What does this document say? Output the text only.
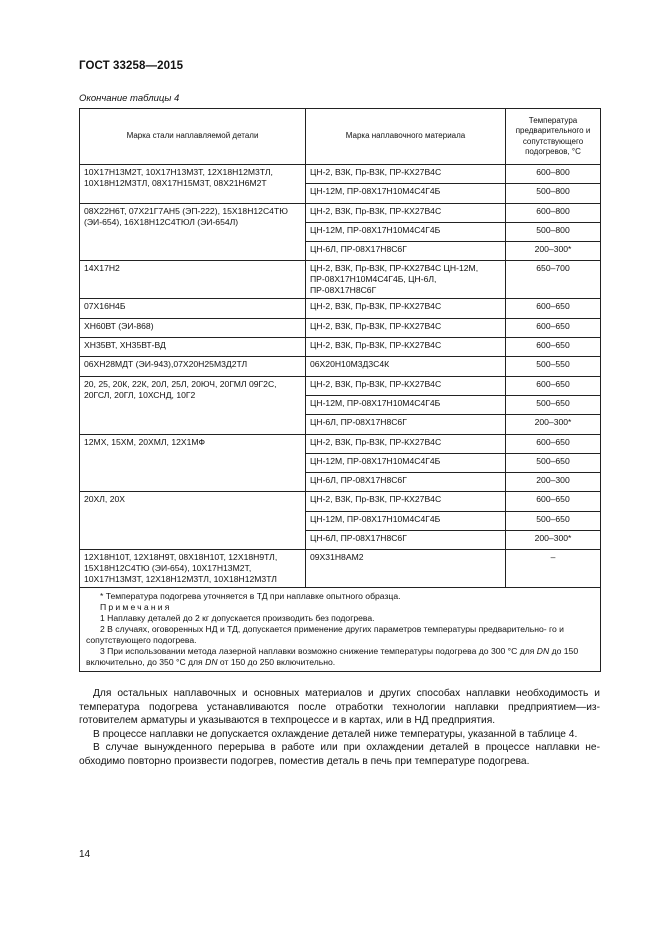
ГОСТ 33258—2015
Окончание таблицы 4
Марка стали наплавляемой детали	Марка наплавочного материала	Температура предварительного и сопутствующего подогревов, °С
10Х17Н13М2Т, 10Х17Н13М3Т, 12Х18Н12М3ТЛ, 10Х18Н12М3ТЛ, 08Х17Н15М3Т, 08Х21Н6М2Т	ЦН-2, В3К, Пр-В3К, ПР-КХ27В4С	600–800
	ЦН-12М, ПР-08Х17Н10М4С4Г4Б	500–800
08Х22Н6Т, 07Х21Г7АН5 (ЭП-222), 15Х18Н12С4ТЮ (ЭИ-654), 16Х18Н12С4ТЮЛ (ЭИ-654Л)	ЦН-2, В3К, Пр-В3К, ПР-КХ27В4С	600–800
	ЦН-12М, ПР-08Х17Н10М4С4Г4Б	500–800
	ЦН-6Л, ПР-08Х17Н8С6Г	200–300*
14Х17Н2	ЦН-2, В3К, Пр-В3К, ПР-КХ27В4С ЦН-12М, ПР-08Х17Н10М4С4Г4Б, ЦН-6Л, ПР-08Х17Н8С6Г	650–700
07Х16Н4Б	ЦН-2, В3К, Пр-В3К, ПР-КХ27В4С	600–650
ХН60ВТ (ЭИ-868)	ЦН-2, В3К, Пр-В3К, ПР-КХ27В4С	600–650
ХН35ВТ, ХН35ВТ-ВД	ЦН-2, В3К, Пр-В3К, ПР-КХ27В4С	600–650
06ХН28МДТ (ЭИ-943),07Х20Н25М3Д2ТЛ	06Х20Н10М3Д3С4К	500–550
20, 25, 20К, 22К, 20Л, 25Л, 20ЮЧ, 20ГМЛ 09Г2С, 20ГСЛ, 20ГЛ, 10ХСНД, 10Г2	ЦН-2, В3К, Пр-В3К, ПР-КХ27В4С	600–650
	ЦН-12М, ПР-08Х17Н10М4С4Г4Б	500–650
	ЦН-6Л, ПР-08Х17Н8С6Г	200–300*
12МХ, 15ХМ, 20ХМЛ, 12Х1МФ	ЦН-2, В3К, Пр-В3К, ПР-КХ27В4С	600–650
	ЦН-12М, ПР-08Х17Н10М4С4Г4Б	500–650
	ЦН-6Л, ПР-08Х17Н8С6Г	200–300
20ХЛ, 20Х	ЦН-2, В3К, Пр-В3К, ПР-КХ27В4С	600–650
	ЦН-12М, ПР-08Х17Н10М4С4Г4Б	500–650
	ЦН-6Л, ПР-08Х17Н8С6Г	200–300*
12Х18Н10Т, 12Х18Н9Т, 08Х18Н10Т, 12Х18Н9ТЛ, 15Х18Н12С4ТЮ (ЭИ-654), 10Х17Н13М2Т, 10Х17Н13М3Т, 12Х18Н12М3ТЛ, 10Х18Н12М3ТЛ	09Х31Н8АМ2	–

* Температура подогрева уточняется в ТД при наплавке опытного образца.

Примечания

1 Наплавку деталей до 2 кг допускается производить без подогрева.

2 В случаях, оговоренных НД и ТД, допускается применение других параметров температуры предварительно- го и сопутствующего подогрева.

3 При использовании метода лазерной наплавки возможно снижение температуры подогрева до 300 °С для DN до 150 включительно, до 350 °С для DN от 150 до 250 включительно.		

Для остальных наплавочных и основных материалов и других способах наплавки необходимость и температура подогрева устанавливаются после отработки технологии наплавки предприятием—из- готовителем арматуры и указываются в техпроцессе и в картах, или в НД предприятия.

В процессе наплавки не допускается охлаждение деталей ниже температуры, указанной в таблице 4.

В случае вынужденного перерыва в работе или при охлаждении деталей в процессе наплавки не- обходимо повторно произвести подогрев, поместив деталь в печь при температуре подогрева.

14
